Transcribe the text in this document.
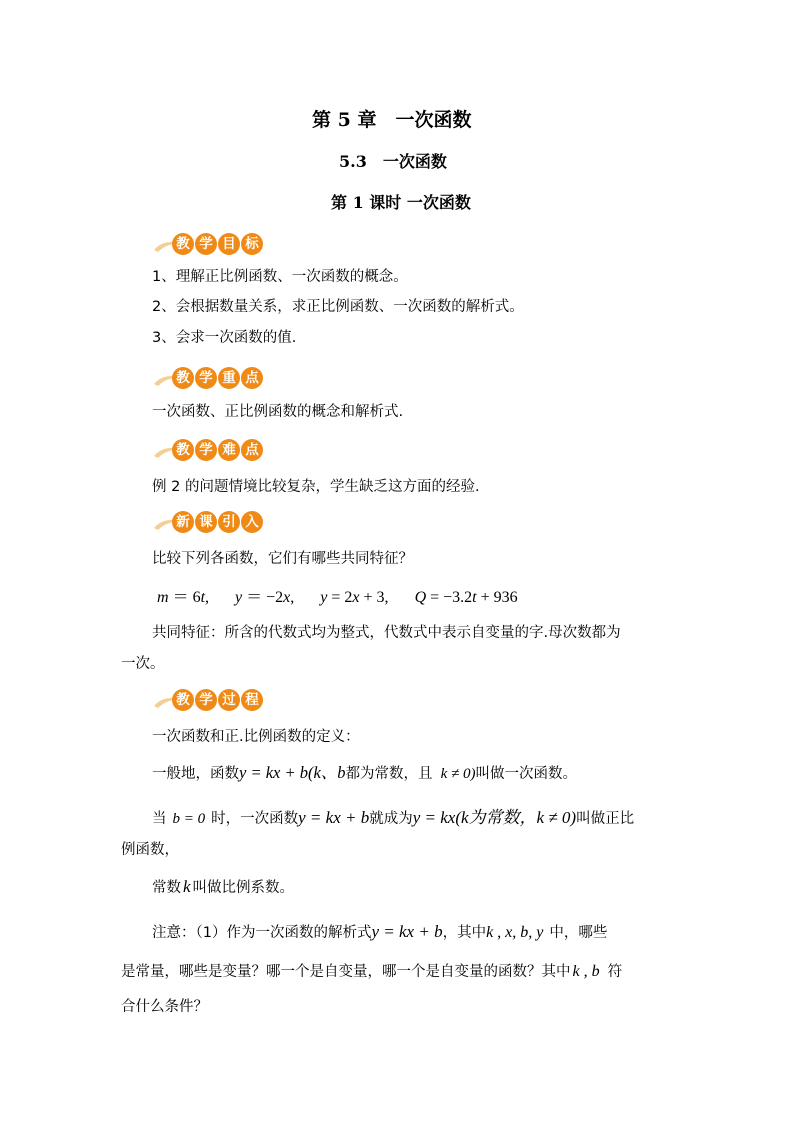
第 5 章　一次函数
5.3　一次函数
第 1 课时 一次函数
教 学 目 标
1、理解正比例函数、一次函数的概念。
2、会根据数量关系，求正比例函数、一次函数的解析式。
3、会求一次函数的值.
教 学 重 点
一次函数、正比例函数的概念和解析式.
教 学 难 点
例 2 的问题情境比较复杂，学生缺乏这方面的经验.
新 课 引 入
比较下列各函数，它们有哪些共同特征？
m ＝ 6t, y ＝ −2x, y = 2x + 3, Q = −3.2t + 936
共同特征：所含的代数式均为整式，代数式中表示自变量的字.母次数都为
一次。
教 学 过 程
一次函数和正.比例函数的定义：
一般地，函数y = kx + b(k、b都为常数，且 k ≠ 0)叫做一次函数。
当 b = 0 时，一次函数y = kx + b就成为y = kx(k为常数，k ≠ 0)叫做正比
例函数，
常数 k 叫做比例系数。
注意：（1）作为一次函数的解析式y = kx + b，其中k , x, b, y 中，哪些
是常量，哪些是变量？哪一个是自变量，哪一个是自变量的函数？其中 k , b 符
合什么条件？
